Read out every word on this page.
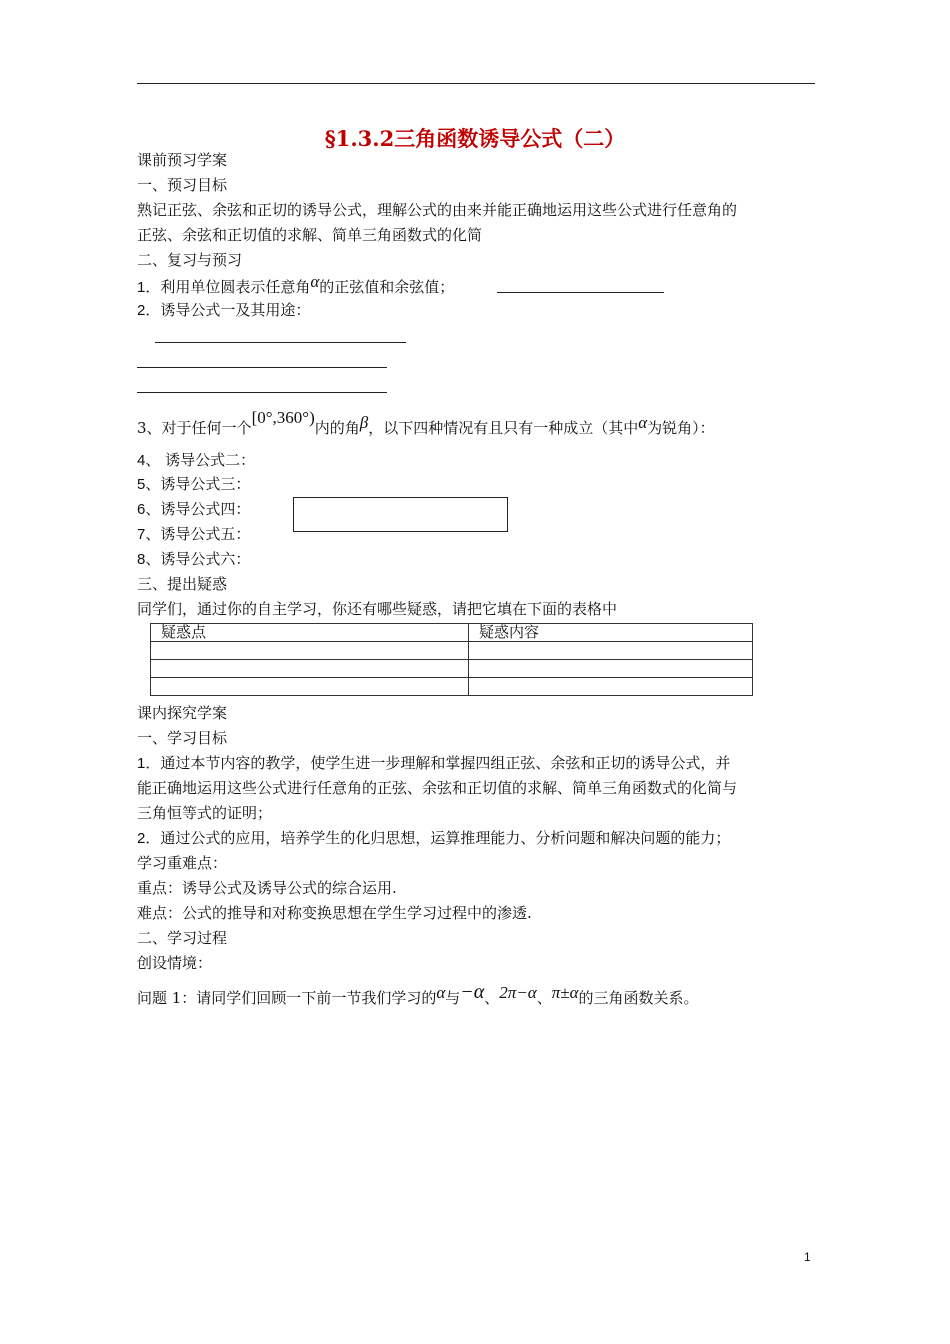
§1.3.2三角函数诱导公式（二）
课前预习学案
一、预习目标
熟记正弦、余弦和正切的诱导公式，理解公式的由来并能正确地运用这些公式进行任意角的
正弦、余弦和正切值的求解、简单三角函数式的化简
二、复习与预习
1．利用单位圆表示任意角α的正弦值和余弦值；
2．诱导公式一及其用途：
3、对于任何一个[0°,360°)内的角β，以下四种情况有且只有一种成立（其中α为锐角）：
4、 诱导公式二：
5、诱导公式三：
6、诱导公式四：
7、诱导公式五：
8、诱导公式六：
三、提出疑惑
同学们，通过你的自主学习，你还有哪些疑惑，请把它填在下面的表格中
疑惑点	疑惑内容

课内探究学案
一、学习目标
1．通过本节内容的教学，使学生进一步理解和掌握四组正弦、余弦和正切的诱导公式，并
能正确地运用这些公式进行任意角的正弦、余弦和正切值的求解、简单三角函数式的化简与
三角恒等式的证明；
2．通过公式的应用，培养学生的化归思想，运算推理能力、分析问题和解决问题的能力；
学习重难点：
重点：诱导公式及诱导公式的综合运用.
难点：公式的推导和对称变换思想在学生学习过程中的渗透.
二、学习过程
创设情境：
问题 1：请同学们回顾一下前一节我们学习的α与−α、2π−α、π±α的三角函数关系。
1
